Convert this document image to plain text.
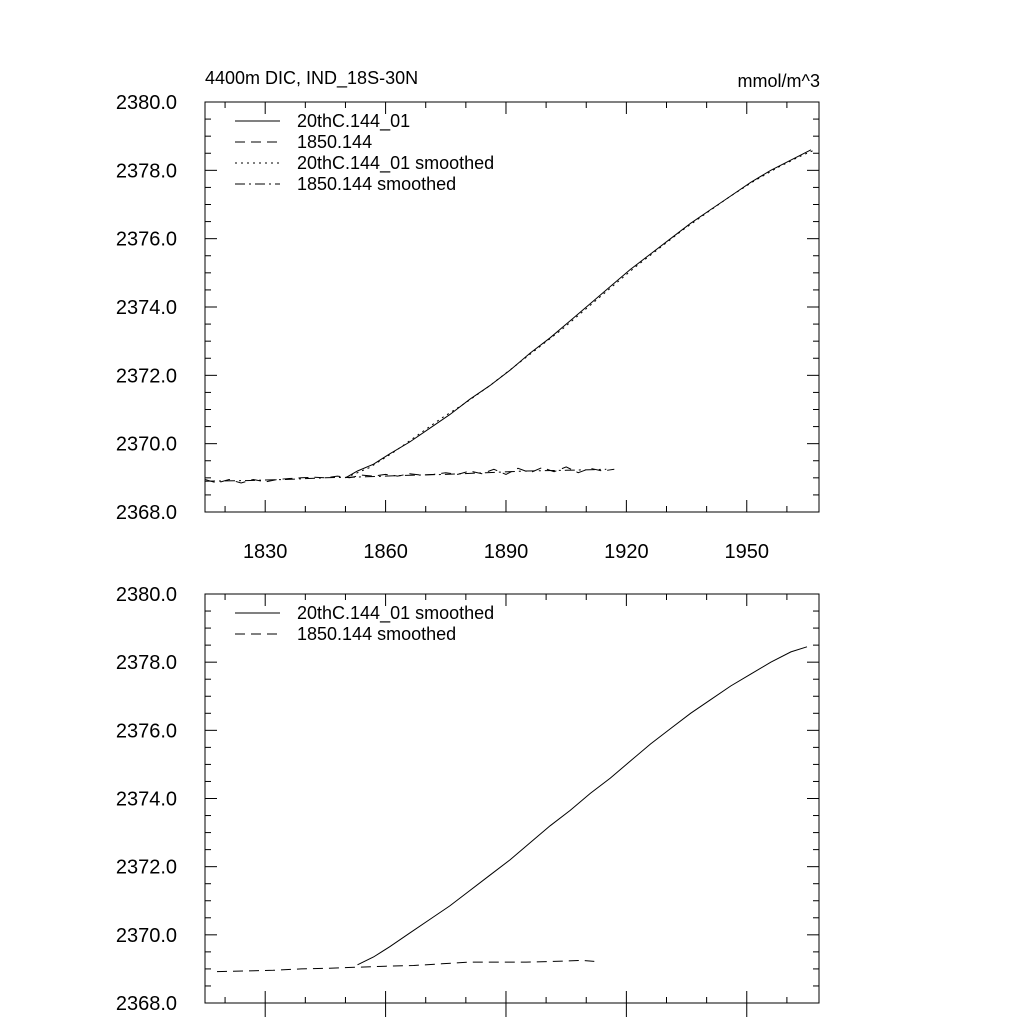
4400m DIC, IND_18S-30N	mmol/m^3
2368.0
2370.0
2372.0
2374.0
2376.0
2378.0
2380.0
1830	1860	1890	1920	1950
20thC.144_01
1850.144
20thC.144_01 smoothed
1850.144 smoothed
2368.0
2370.0
2372.0
2374.0
2376.0
2378.0
2380.0
20thC.144_01 smoothed
1850.144 smoothed
